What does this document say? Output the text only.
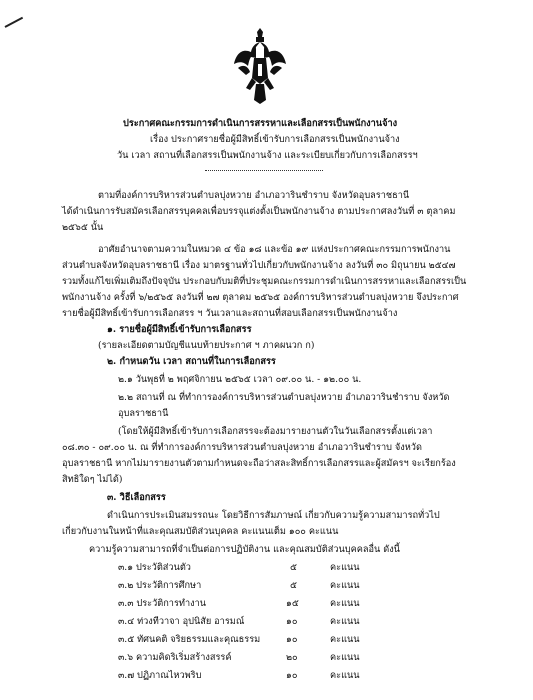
ประกาศคณะกรรมการดำเนินการสรรหาและเลือกสรรเป็นพนักงานจ้าง
เรื่อง ประกาศรายชื่อผู้มีสิทธิ์เข้ารับการเลือกสรรเป็นพนักงานจ้าง
วัน เวลา สถานที่เลือกสรรเป็นพนักงานจ้าง และระเบียบเกี่ยวกับการเลือกสรรฯ
ตามที่องค์การบริหารส่วนตำบลบุ่งหวาย อำเภอวารินชำราบ จังหวัดอุบลราชธานี
ได้ดำเนินการรับสมัครเลือกสรรบุคคลเพื่อบรรจุแต่งตั้งเป็นพนักงานจ้าง ตามประกาศลงวันที่ ๓ ตุลาคม
๒๕๖๕ นั้น
อาศัยอำนาจตามความในหมวด ๔ ข้อ ๑๘ และข้อ ๑๙ แห่งประกาศคณะกรรมการพนักงาน
ส่วนตำบลจังหวัดอุบลราชธานี เรื่อง มาตรฐานทั่วไปเกี่ยวกับพนักงานจ้าง ลงวันที่ ๓๐ มิถุนายน ๒๕๔๗
รวมทั้งแก้ไขเพิ่มเติมถึงปัจจุบัน ประกอบกับมติที่ประชุมคณะกรรมการดำเนินการสรรหาและเลือกสรรเป็น
พนักงานจ้าง ครั้งที่ ๖/๒๕๖๕ ลงวันที่ ๒๗ ตุลาคม ๒๕๖๕ องค์การบริหารส่วนตำบลบุ่งหวาย จึงประกาศ
รายชื่อผู้มีสิทธิ์เข้ารับการเลือกสรร ฯ วันเวลาและสถานที่สอบเลือกสรรเป็นพนักงานจ้าง
๑. รายชื่อผู้มีสิทธิ์เข้ารับการเลือกสรร
(รายละเอียดตามบัญชีแนบท้ายประกาศ ฯ ภาคผนวก ก)
๒. กำหนดวัน เวลา สถานที่ในการเลือกสรร
๒.๑ วันพุธที่ ๒ พฤศจิกายน ๒๕๖๕ เวลา ๐๙.๐๐ น. - ๑๒.๐๐ น.
๒.๒ สถานที่ ณ ที่ทำการองค์การบริหารส่วนตำบลบุ่งหวาย อำเภอวารินชำราบ จังหวัด
อุบลราชธานี
(โดยให้ผู้มีสิทธิ์เข้ารับการเลือกสรรจะต้องมารายงานตัวในวันเลือกสรรตั้งแต่เวลา
๐๘.๓๐ - ๐๙.๐๐ น. ณ ที่ทำการองค์การบริหารส่วนตำบลบุ่งหวาย อำเภอวารินชำราบ จังหวัด
อุบลราชธานี หากไม่มารายงานตัวตามกำหนดจะถือว่าสละสิทธิ์การเลือกสรรและผู้สมัครฯ จะเรียกร้อง
สิทธิใดๆ ไม่ได้)
๓. วิธีเลือกสรร
ดำเนินการประเมินสมรรถนะ โดยวิธีการสัมภาษณ์ เกี่ยวกับความรู้ความสามารถทั่วไป
เกี่ยวกับงานในหน้าที่และคุณสมบัติส่วนบุคคล คะแนนเต็ม ๑๐๐ คะแนน
ความรู้ความสามารถที่จำเป็นต่อการปฏิบัติงาน และคุณสมบัติส่วนบุคคลอื่น ดังนี้
๓.๑ ประวัติส่วนตัว	๕	คะแนน
๓.๒ ประวัติการศึกษา	๕	คะแนน
๓.๓ ประวัติการทำงาน	๑๕	คะแนน
๓.๔ ท่วงทีวาจา อุปนิสัย อารมณ์	๑๐	คะแนน
๓.๕ ทัศนคติ จริยธรรมและคุณธรรม	๑๐	คะแนน
๓.๖ ความคิดริเริ่มสร้างสรรค์	๒๐	คะแนน
๓.๗ ปฏิภาณไหวพริบ	๑๐	คะแนน
